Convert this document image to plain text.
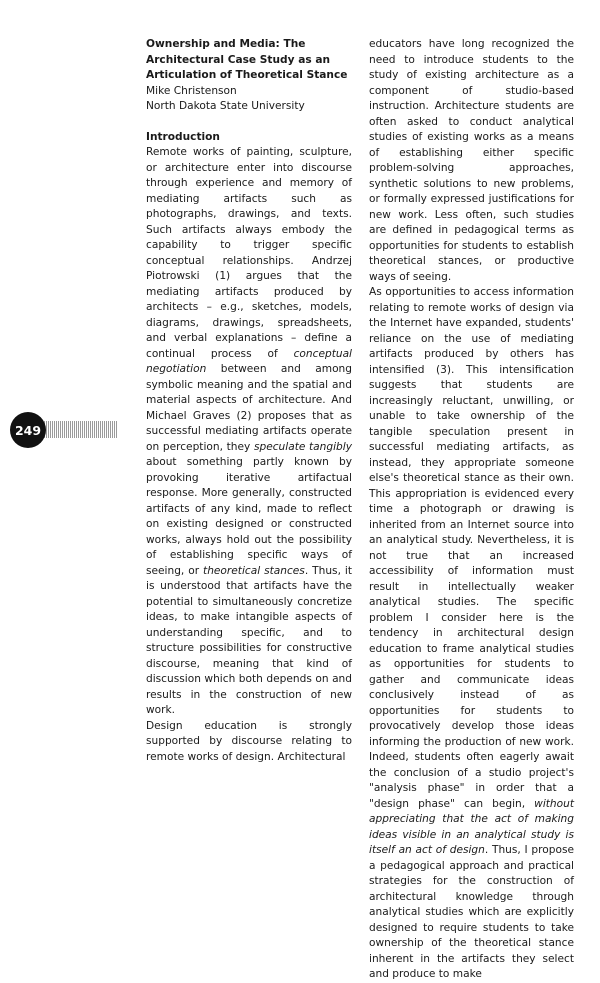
249

Ownership and Media: The Architectural Case Study as an Articulation of Theoretical Stance

Mike Christenson

North Dakota State University

Introduction

Remote works of painting, sculpture, or architecture enter into discourse through experience and memory of mediating artifacts such as photographs, drawings, and texts. Such artifacts always embody the capability to trigger specific conceptual relationships. Andrzej Piotrowski (1) argues that the mediating artifacts produced by architects – e.g., sketches, models, diagrams, drawings, spreadsheets, and verbal explanations – define a continual process of conceptual negotiation between and among symbolic meaning and the spatial and material aspects of architecture. And Michael Graves (2) proposes that as successful mediating artifacts operate on perception, they speculate tangibly about something partly known by provoking iterative artifactual response. More generally, constructed artifacts of any kind, made to reflect on existing designed or constructed works, always hold out the possibility of establishing specific ways of seeing, or theoretical stances. Thus, it is understood that artifacts have the potential to simultaneously concretize ideas, to make intangible aspects of understanding specific, and to structure possibilities for constructive discourse, meaning that kind of discussion which both depends on and results in the construction of new work.

Design education is strongly supported by discourse relating to remote works of design. Architectural

educators have long recognized the need to introduce students to the study of existing architecture as a component of studio-based instruction. Architecture students are often asked to conduct analytical studies of existing works as a means of establishing either specific problem-solving approaches, synthetic solutions to new problems, or formally expressed justifications for new work. Less often, such studies are defined in pedagogical terms as opportunities for students to establish theoretical stances, or productive ways of seeing.

As opportunities to access information relating to remote works of design via the Internet have expanded, students' reliance on the use of mediating artifacts produced by others has intensified (3). This intensification suggests that students are increasingly reluctant, unwilling, or unable to take ownership of the tangible speculation present in successful mediating artifacts, as instead, they appropriate someone else's theoretical stance as their own. This appropriation is evidenced every time a photograph or drawing is inherited from an Internet source into an analytical study. Nevertheless, it is not true that an increased accessibility of information must result in intellectually weaker analytical studies. The specific problem I consider here is the tendency in architectural design education to frame analytical studies as opportunities for students to gather and communicate ideas conclusively instead of as opportunities for students to provocatively develop those ideas informing the production of new work. Indeed, students often eagerly await the conclusion of a studio project's "analysis phase" in order that a "design phase" can begin, without appreciating that the act of making ideas visible in an analytical study is itself an act of design. Thus, I propose a pedagogical approach and practical strategies for the construction of architectural knowledge through analytical studies which are explicitly designed to require students to take ownership of the theoretical stance inherent in the artifacts they select and produce to make
